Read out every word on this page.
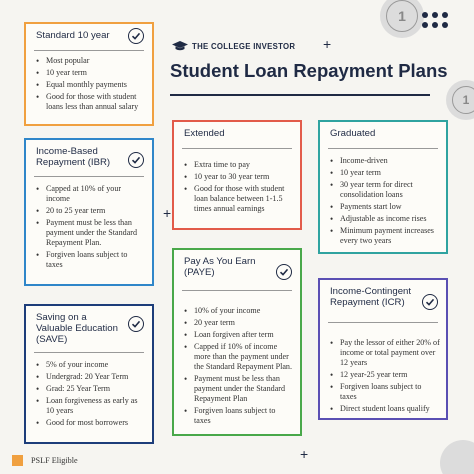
1
1
+
+
+
THE COLLEGE INVESTOR
Student Loan Repayment Plans
Standard 10 year
• Most popular
• 10 year term
• Equal monthly payments
• Good for those with student loans less than annual salary
Income-Based Repayment (IBR)
• Capped at 10% of your income
• 20 to 25 year term
• Payment must be less than payment under the Standard Repayment Plan.
• Forgiven loans subject to taxes
Saving on a Valuable Education (SAVE)
• 5% of your income
• Undergrad: 20 Year Term
• Grad: 25 Year Term
• Loan forgiveness as early as 10 years
• Good for most borrowers
Extended
• Extra time to pay
• 10 year to 30 year term
• Good for those with student loan balance between 1-1.5 times annual earnings
Pay As You Earn (PAYE)
• 10% of your income
• 20 year term
• Loan forgiven after term
• Capped if 10% of income more than the payment under the Standard Repayment Plan.
• Payment must be less than payment under the Standard Repayment Plan
• Forgiven loans subject to taxes
Graduated
• Income-driven
• 10 year term
• 30 year term for direct consolidation loans
• Payments start low
• Adjustable as income rises
• Minimum payment increases every two years
Income-Contingent Repayment (ICR)
• Pay the lessor of either 20% of income or total payment over 12 years
• 12 year-25 year term
• Forgiven loans subject to taxes
• Direct student loans qualify
PSLF Eligible
